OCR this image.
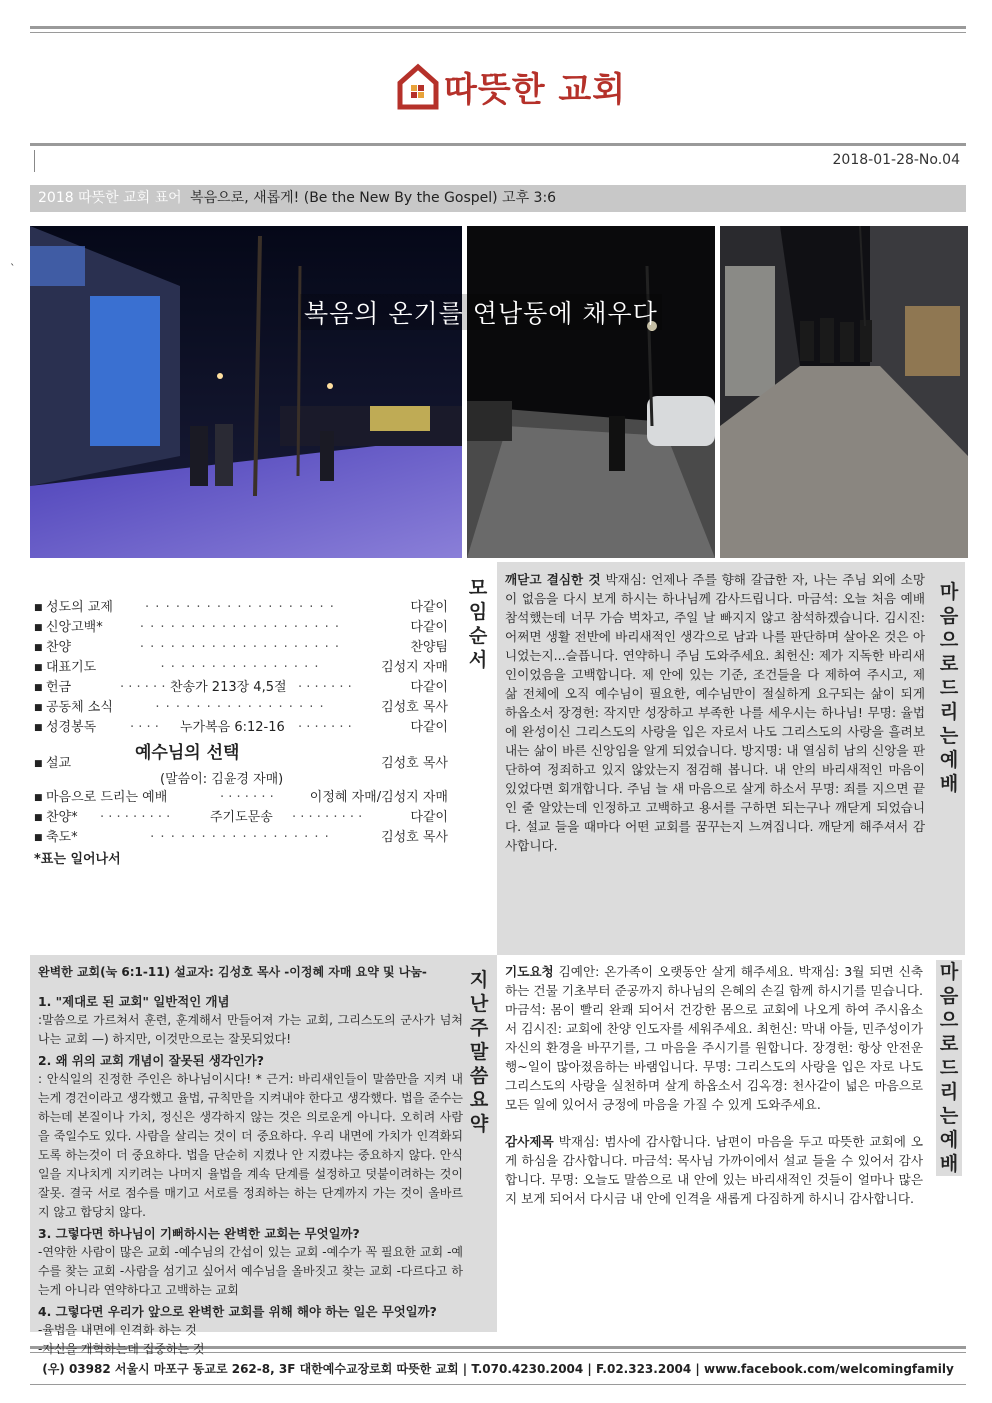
따뜻한 교회
2018-01-28-No.04
2018 따뜻한 교회 표어 복음으로, 새롭게! (Be the New By the Gospel) 고후 3:6
`
복음의 온기를 연남동에 채우다
모임순서
■ 성도의 교제	· · · · · · · · · · · · · · · · · · ·	다같이
■ 신앙고백*	· · · · · · · · · · · · · · · · · · · ·	다같이
■ 찬양	· · · · · · · · · · · · · · · · · · · ·	찬양팀
■ 대표기도	· · · · · · · · · · · · · · · ·	김성지 자매
■ 헌금	· · · · · · 찬송가 213장 4,5절 · · · · · · ·	다같이
■ 공동체 소식	· · · · · · · · · · · · · · · · ·	김성호 목사
■ 성경봉독	· · · · 누가복음 6:12-16 · · · · · · ·	다같이
■ 설교	김성호 목사
■ 마음으로 드리는 예배	· · · · · · ·	이정혜 자매/김성지 자매
■ 찬양* · · · · · · · · ·	주기도문송 · · · · · · · · ·	다같이
■ 축도*	· · · · · · · · · · · · · · · · · ·	김성호 목사
예수님의 선택
(말씀이: 김윤경 자매)
*표는 일어나서
깨닫고 결심한 것 박재심: 언제나 주를 향해 갈급한 자, 나는 주님 외에 소망이 없음을 다시 보게 하시는 하나님께 감사드립니다. 마금석: 오늘 처음 예배 참석했는데 너무 가슴 벅차고, 주일 날 빠지지 않고 참석하겠습니다. 김시진: 어쩌면 생활 전반에 바리새적인 생각으로 남과 나를 판단하며 살아온 것은 아니었는지...슬픕니다. 연약하니 주님 도와주세요. 최헌신: 제가 지독한 바리새인이었음을 고백합니다. 제 안에 있는 기준, 조건들을 다 제하여 주시고, 제 삶 전체에 오직 예수님이 필요한, 예수님만이 절실하게 요구되는 삶이 되게 하옵소서 장경헌: 작지만 성장하고 부족한 나를 세우시는 하나님! 무명: 율법에 완성이신 그리스도의 사랑을 입은 자로서 나도 그리스도의 사랑을 흘려보내는 삶이 바른 신앙임을 알게 되었습니다. 방지명: 내 열심히 남의 신앙을 판단하여 정죄하고 있지 않았는지 점검해 봅니다. 내 안의 바리새적인 마음이 있었다면 회개합니다. 주님 늘 새 마음으로 살게 하소서 무명: 죄를 지으면 끝인 줄 알았는데 인정하고 고백하고 용서를 구하면 되는구나 깨닫게 되었습니다. 설교 들을 때마다 어떤 교회를 꿈꾸는지 느껴집니다. 깨닫게 해주셔서 감사합니다.
마음으로드리는예배
완벽한 교회(눅 6:1-11) 설교자: 김성호 목사 -이정혜 자매 요약 및 나눔-
1. "제대로 된 교회" 일반적인 개념
:말씀으로 가르쳐서 훈련, 훈계해서 만들어져 가는 교회, 그리스도의 군사가 넘쳐나는 교회 —) 하지만, 이것만으로는 잘못되었다!
2. 왜 위의 교회 개념이 잘못된 생각인가?
: 안식일의 진정한 주인은 하나님이시다! * 근거: 바리새인들이 말씀만을 지켜 내는게 경건이라고 생각했고 율법, 규칙만을 지켜내야 한다고 생각했다. 법을 준수는 하는데 본질이나 가치, 정신은 생각하지 않는 것은 의로운게 아니다. 오히려 사람을 죽일수도 있다. 사람을 살리는 것이 더 중요하다. 우리 내면에 가치가 인격화되도록 하는것이 더 중요하다. 법을 단순히 지켰나 안 지켰냐는 중요하지 않다. 안식일을 지나치게 지키려는 나머지 율법을 계속 단계를 설정하고 덧붙이려하는 것이 잘못. 결국 서로 점수를 매기고 서로를 정죄하는 하는 단계까지 가는 것이 올바르지 않고 합당치 않다.
3. 그렇다면 하나님이 기뻐하시는 완벽한 교회는 무엇일까?
-연약한 사람이 많은 교회 -예수님의 간섭이 있는 교회 -예수가 꼭 필요한 교회 -예수를 찾는 교회 -사람을 섬기고 싶어서 예수님을 올바짓고 찾는 교회 -다르다고 하는게 아니라 연약하다고 고백하는 교회
4. 그렇다면 우리가 앞으로 완벽한 교회를 위해 해야 하는 일은 무엇일까?
-율법을 내면에 인격화 하는 것
-자신을 개혁하는데 집중하는 것
지난주말씀요약
기도요청 김예안: 온가족이 오랫동안 살게 해주세요. 박재심: 3월 되면 신축하는 건물 기초부터 준공까지 하나님의 은혜의 손길 함께 하시기를 믿습니다. 마금석: 몸이 빨리 완쾌 되어서 건강한 몸으로 교회에 나오게 하여 주시옵소서 김시진: 교회에 찬양 인도자를 세워주세요. 최헌신: 막내 아들, 민주성이가 자신의 환경을 바꾸기를, 그 마음을 주시기를 원합니다. 장경헌: 항상 안전운행~일이 많아졌음하는 바램입니다. 무명: 그리스도의 사랑을 입은 자로 나도 그리스도의 사랑을 실천하며 살게 하옵소서 김옥경: 천사같이 넓은 마음으로 모든 일에 있어서 긍정에 마음을 가질 수 있게 도와주세요.
감사제목 박재심: 범사에 감사합니다. 남편이 마음을 두고 따뜻한 교회에 오게 하심을 감사합니다. 마금석: 목사님 가까이에서 설교 들을 수 있어서 감사합니다. 무명: 오늘도 말씀으로 내 안에 있는 바리새적인 것들이 얼마나 많은지 보게 되어서 다시금 내 안에 인격을 새롭게 다짐하게 하시니 감사합니다.
마음으로드리는예배
(우) 03982 서울시 마포구 동교로 262-8, 3F 대한예수교장로회 따뜻한 교회 | T.070.4230.2004 | F.02.323.2004 | www.facebook.com/welcomingfamily
